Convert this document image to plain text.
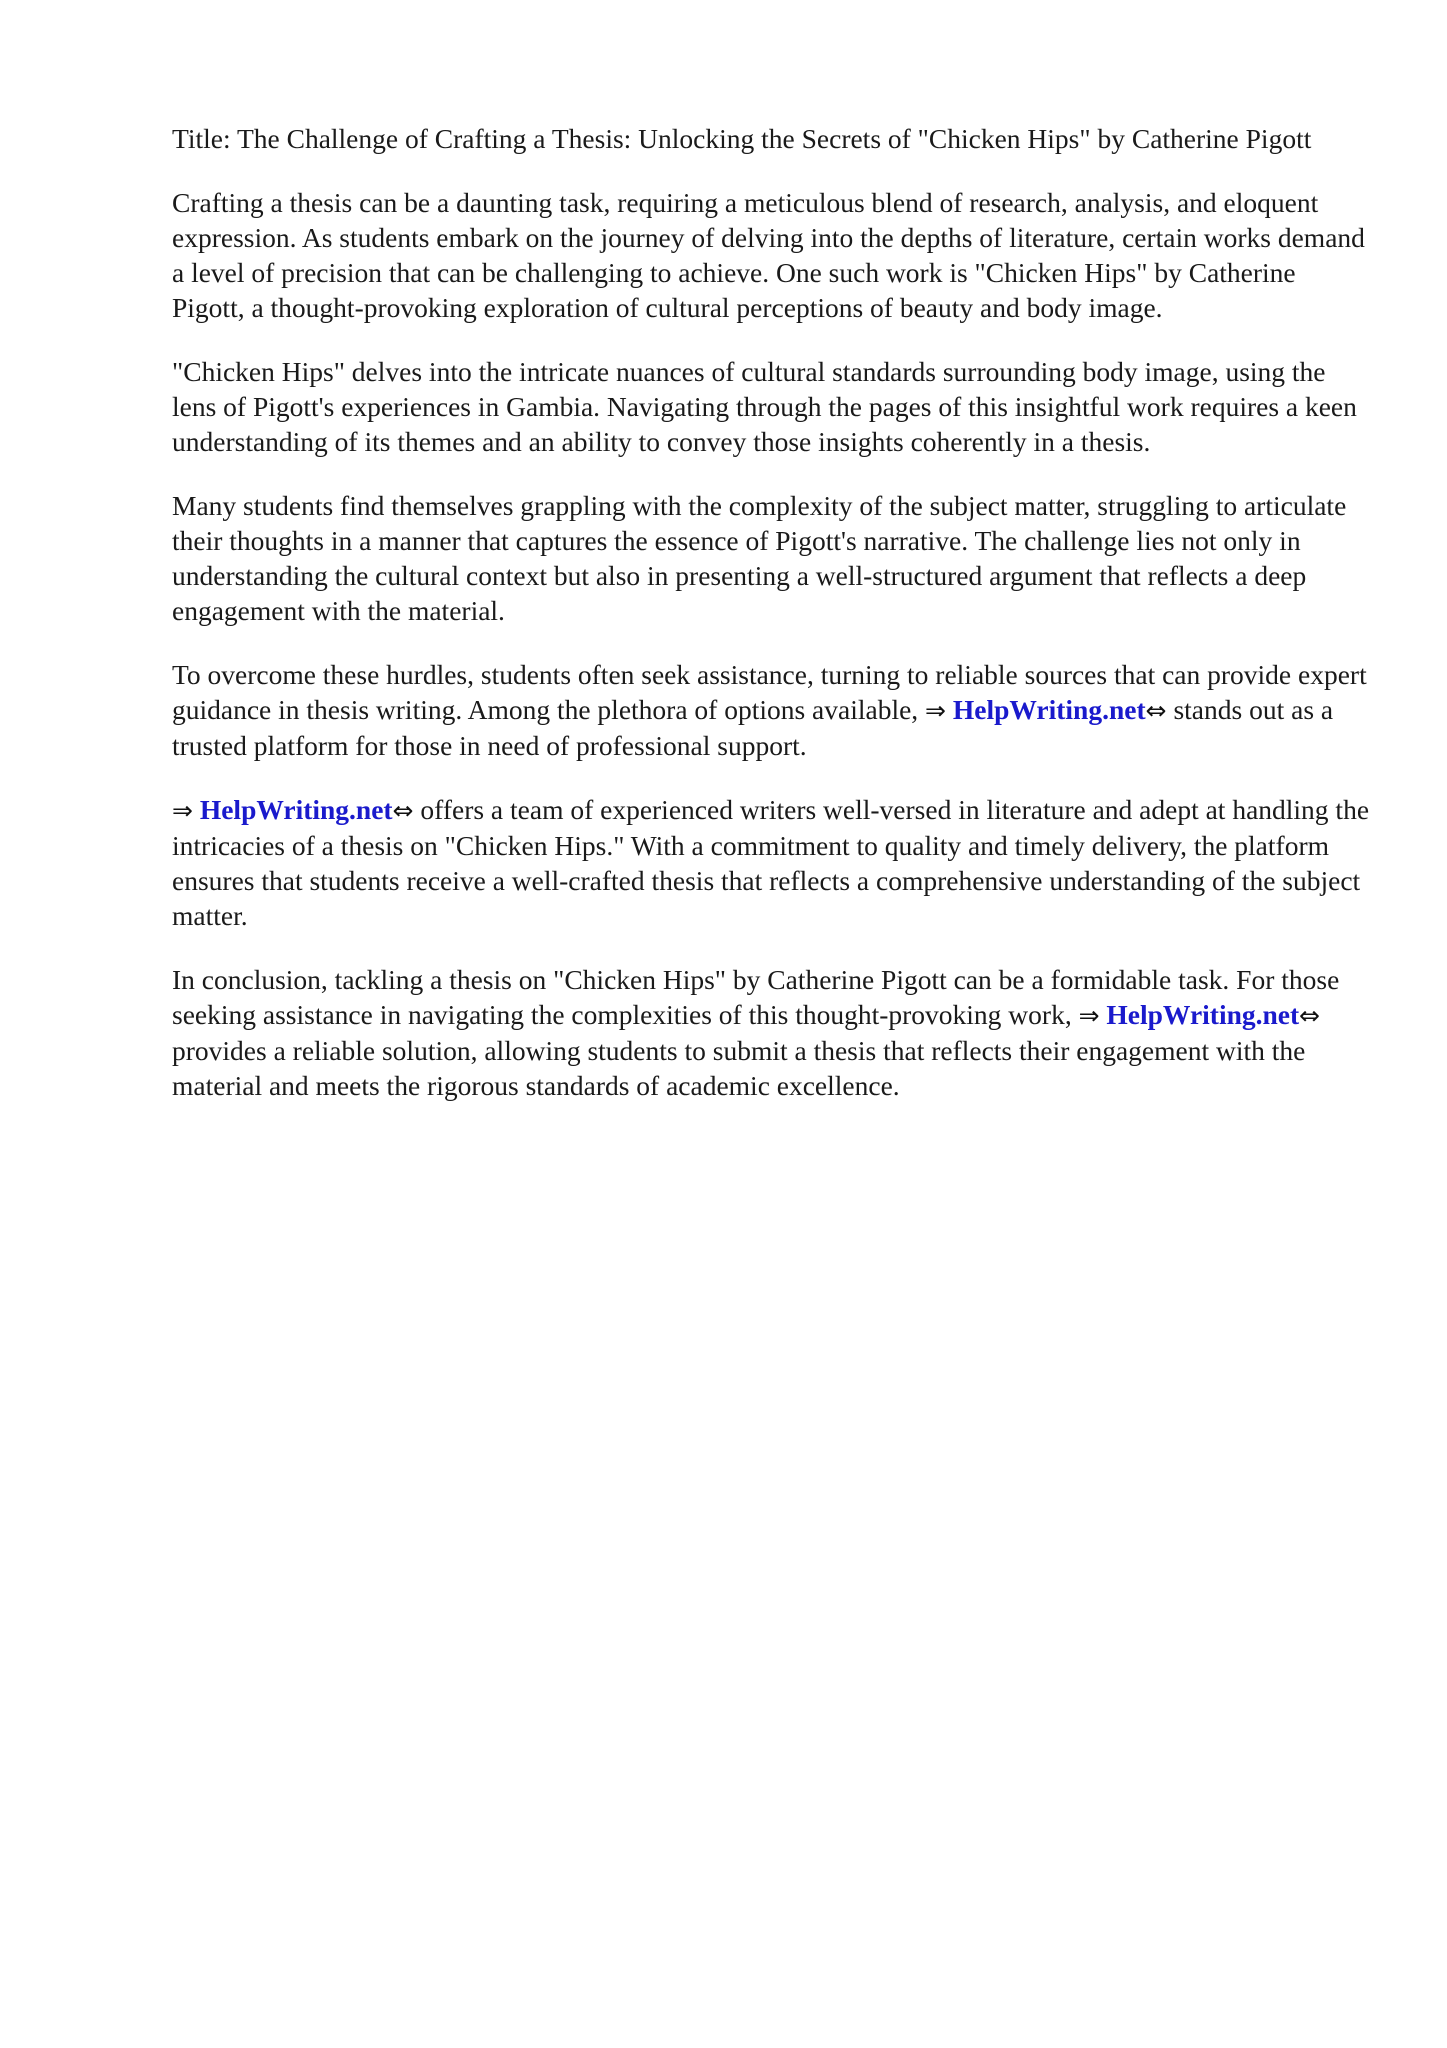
Title: The Challenge of Crafting a Thesis: Unlocking the Secrets of "Chicken Hips" by Catherine Pigott

Crafting a thesis can be a daunting task, requiring a meticulous blend of research, analysis, and eloquent expression. As students embark on the journey of delving into the depths of literature, certain works demand a level of precision that can be challenging to achieve. One such work is "Chicken Hips" by Catherine Pigott, a thought-provoking exploration of cultural perceptions of beauty and body image.

"Chicken Hips" delves into the intricate nuances of cultural standards surrounding body image, using the lens of Pigott's experiences in Gambia. Navigating through the pages of this insightful work requires a keen understanding of its themes and an ability to convey those insights coherently in a thesis.

Many students find themselves grappling with the complexity of the subject matter, struggling to articulate their thoughts in a manner that captures the essence of Pigott's narrative. The challenge lies not only in understanding the cultural context but also in presenting a well-structured argument that reflects a deep engagement with the material.

To overcome these hurdles, students often seek assistance, turning to reliable sources that can provide expert guidance in thesis writing. Among the plethora of options available, ⇒ HelpWriting.net⇔ stands out as a trusted platform for those in need of professional support.

⇒ HelpWriting.net⇔ offers a team of experienced writers well-versed in literature and adept at handling the intricacies of a thesis on "Chicken Hips." With a commitment to quality and timely delivery, the platform ensures that students receive a well-crafted thesis that reflects a comprehensive understanding of the subject matter.

In conclusion, tackling a thesis on "Chicken Hips" by Catherine Pigott can be a formidable task. For those seeking assistance in navigating the complexities of this thought-provoking work, ⇒ HelpWriting.net⇔ provides a reliable solution, allowing students to submit a thesis that reflects their engagement with the material and meets the rigorous standards of academic excellence.
